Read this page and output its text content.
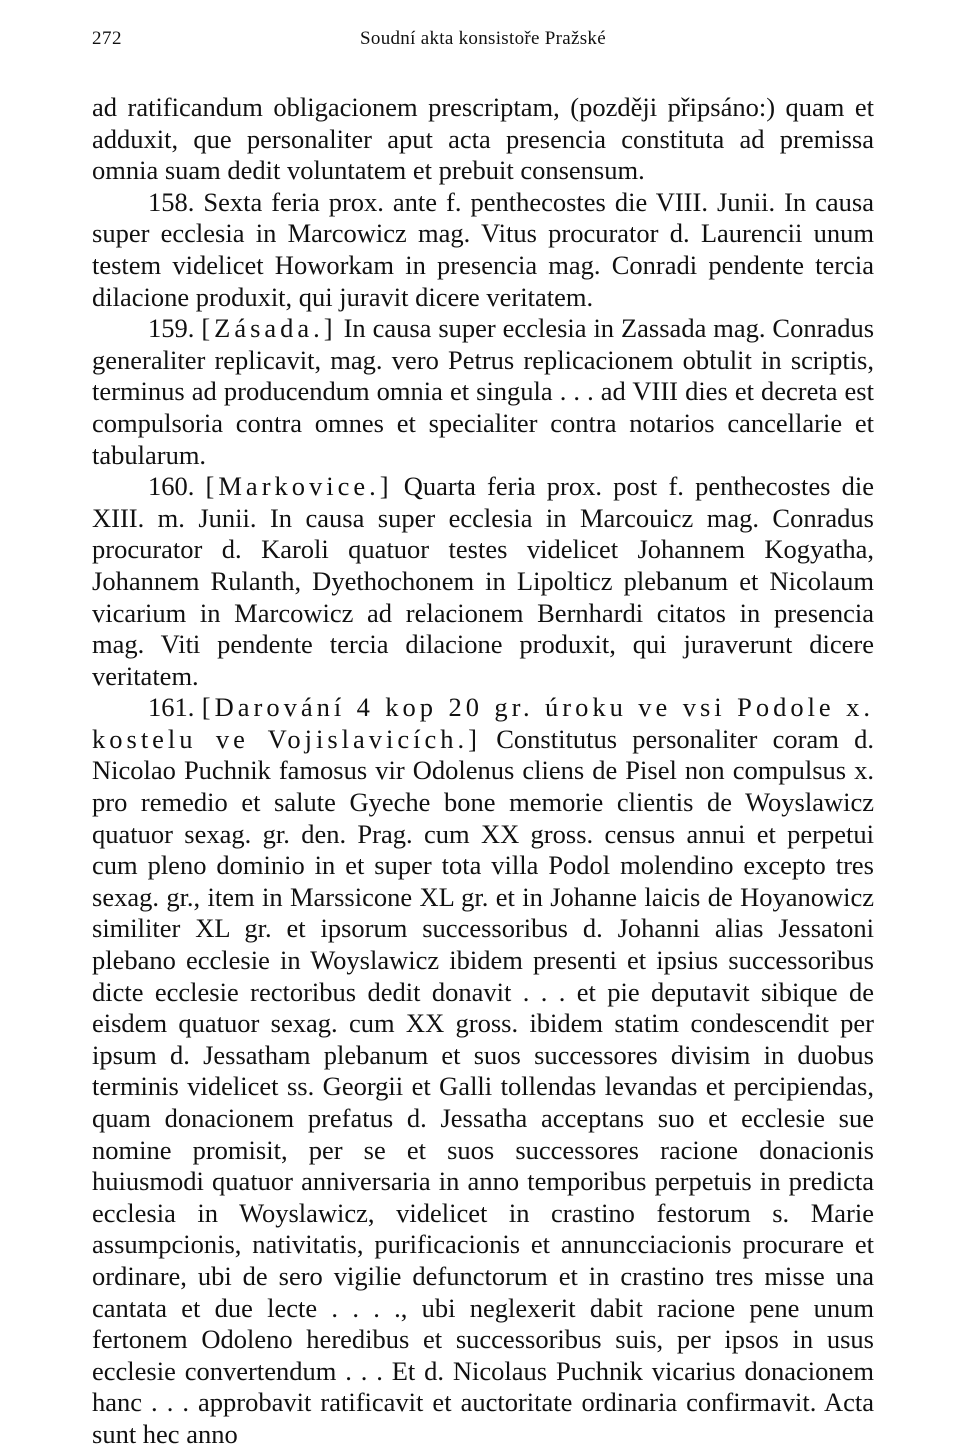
272	Soudní akta konsistoře Pražské

ad ratificandum obligacionem prescriptam, (později připsáno:) quam et adduxit, que personaliter aput acta presencia constituta ad premissa omnia suam dedit voluntatem et prebuit consensum.

158. Sexta feria prox. ante f. penthecostes die VIII. Junii. In causa super ecclesia in Marcowicz mag. Vitus procurator d. Laurencii unum testem videlicet Howorkam in presencia mag. Conradi pendente tercia dilacione produxit, qui juravit dicere veritatem.

159. [Zásada.] In causa super ecclesia in Zassada mag. Conradus generaliter replicavit, mag. vero Petrus replicacionem obtulit in scriptis, terminus ad producendum omnia et singula . . . ad VIII dies et decreta est compulsoria contra omnes et specialiter contra notarios cancellarie et tabularum.

160. [Markovice.] Quarta feria prox. post f. penthecostes die XIII. m. Junii. In causa super ecclesia in Marcouicz mag. Conradus procurator d. Karoli quatuor testes videlicet Johannem Kogyatha, Johannem Rulanth, Dyethochonem in Lipolticz plebanum et Nicolaum vicarium in Marcowicz ad relacionem Bernhardi citatos in presencia mag. Viti pendente tercia dilacione produxit, qui juraverunt dicere veritatem.

161. [Darování 4 kop 20 gr. úroku ve vsi Podole x. kostelu ve Vojislavicích.] Constitutus personaliter coram d. Nicolao Puchnik famosus vir Odolenus cliens de Pisel non compulsus x. pro remedio et salute Gyeche bone memorie clientis de Woyslawicz quatuor sexag. gr. den. Prag. cum XX gross. census annui et perpetui cum pleno dominio in et super tota villa Podol molendino excepto tres sexag. gr., item in Marssicone XL gr. et in Johanne laicis de Hoyanowicz similiter XL gr. et ipsorum successoribus d. Johanni alias Jessatoni plebano ecclesie in Woyslawicz ibidem presenti et ipsius successoribus dicte ecclesie rectoribus dedit donavit . . . et pie deputavit sibique de eisdem quatuor sexag. cum XX gross. ibidem statim condescendit per ipsum d. Jessatham plebanum et suos successores divisim in duobus terminis videlicet ss. Georgii et Galli tollendas levandas et percipiendas, quam donacionem prefatus d. Jessatha acceptans suo et ecclesie sue nomine promisit, per se et suos successores racione donacionis huiusmodi quatuor anniversaria in anno temporibus perpetuis in predicta ecclesia in Woyslawicz, videlicet in crastino festorum s. Marie assumpcionis, nativitatis, purificacionis et annuncciacionis procurare et ordinare, ubi de sero vigilie defunctorum et in crastino tres misse una cantata et due lecte . . . ., ubi neglexerit dabit racione pene unum fertonem Odoleno heredibus et successoribus suis, per ipsos in usus ecclesie convertendum . . . Et d. Nicolaus Puchnik vicarius donacionem hanc . . . approbavit ratificavit et auctoritate ordinaria confirmavit. Acta sunt hec anno
